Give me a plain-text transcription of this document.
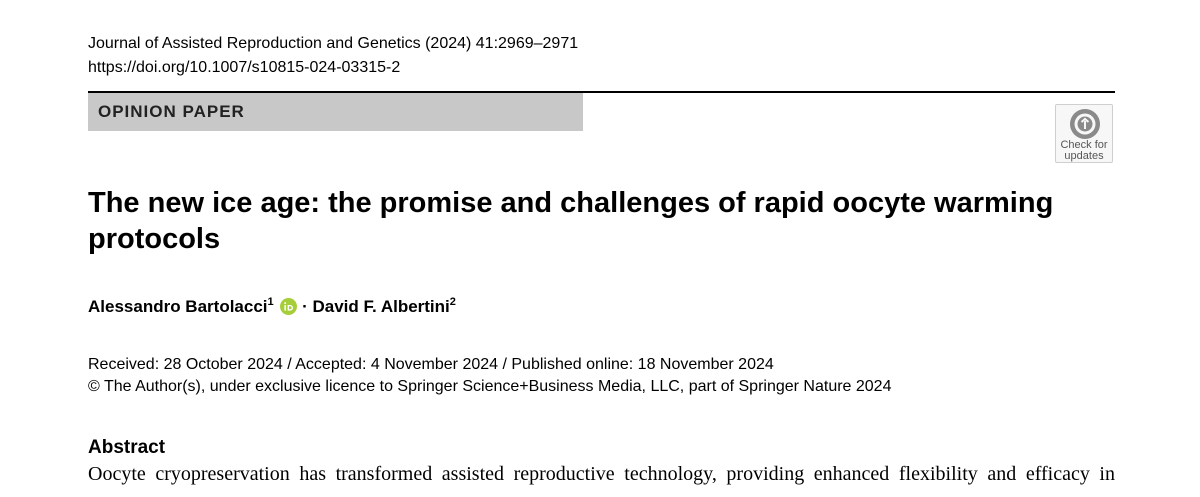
Journal of Assisted Reproduction and Genetics (2024) 41:2969–2971
https://doi.org/10.1007/s10815-024-03315-2
OPINION PAPER
Check for
updates
The new ice age: the promise and challenges of rapid oocyte warming protocols
Alessandro Bartolacci$^1$  · David F. Albertini$^2$
Received: 28 October 2024 / Accepted: 4 November 2024 / Published online: 18 November 2024
© The Author(s), under exclusive licence to Springer Science+Business Media, LLC, part of Springer Nature 2024
Abstract

Oocyte cryopreservation has transformed assisted reproductive technology, providing enhanced flexibility and efficacy in
